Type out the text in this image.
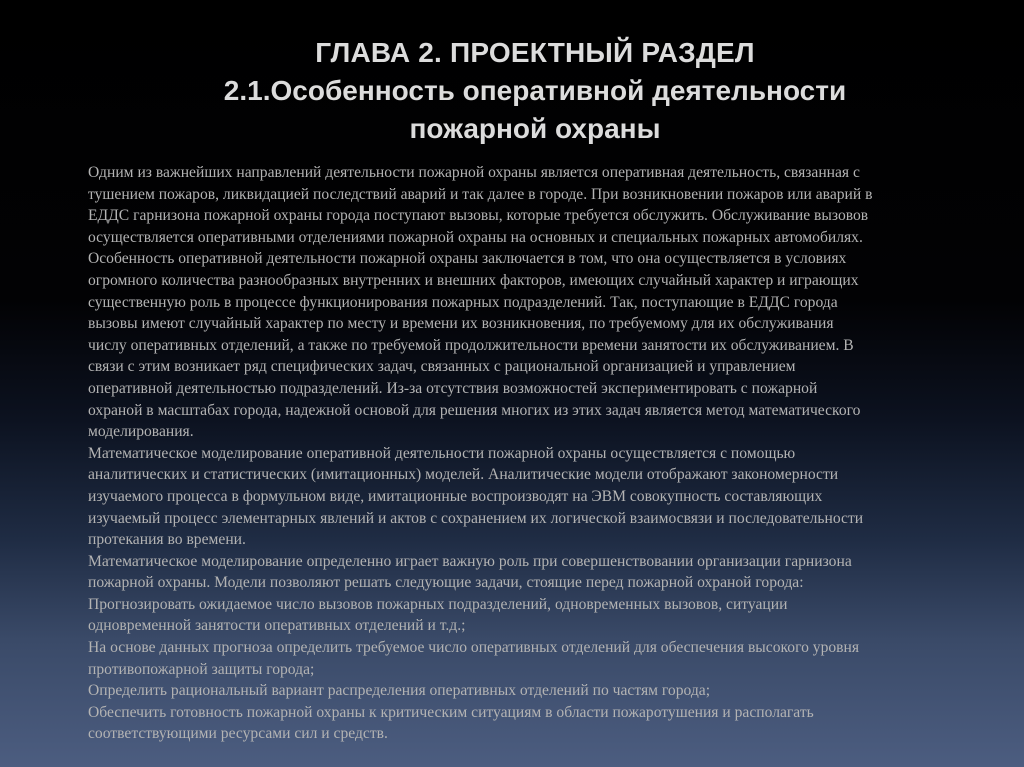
ГЛАВА 2. ПРОЕКТНЫЙ РАЗДЕЛ
2.1.Особенность оперативной деятельности
пожарной охраны
Одним из важнейших направлений деятельности пожарной охраны является оперативная деятельность, связанная с
тушением пожаров, ликвидацией последствий аварий и так далее в городе. При возникновении пожаров или аварий в
ЕДДС гарнизона пожарной охраны города поступают вызовы, которые требуется обслужить. Обслуживание вызовов
осуществляется оперативными отделениями пожарной охраны на основных и специальных пожарных автомобилях.
Особенность оперативной деятельности пожарной охраны заключается в том, что она осуществляется в условиях
огромного количества разнообразных внутренних и внешних факторов, имеющих случайный характер и играющих
существенную роль в процессе функционирования пожарных подразделений. Так, поступающие в ЕДДС города
вызовы имеют случайный характер по месту и времени их возникновения, по требуемому для их обслуживания
числу оперативных отделений, а также по требуемой продолжительности времени занятости их обслуживанием. В
связи с этим возникает ряд специфических задач, связанных с рациональной организацией и управлением
оперативной деятельностью подразделений. Из-за отсутствия возможностей экспериментировать с пожарной
охраной в масштабах города, надежной основой для решения многих из этих задач является метод математического
моделирования.
Математическое моделирование оперативной деятельности пожарной охраны осуществляется с помощью
аналитических и статистических (имитационных) моделей. Аналитические модели отображают закономерности
изучаемого процесса в формульном виде, имитационные воспроизводят на ЭВМ совокупность составляющих
изучаемый процесс элементарных явлений и актов с сохранением их логической взаимосвязи и последовательности
протекания во времени.
Математическое моделирование определенно играет важную роль при совершенствовании организации гарнизона
пожарной охраны. Модели позволяют решать следующие задачи, стоящие перед пожарной охраной города:
Прогнозировать ожидаемое число вызовов пожарных подразделений, одновременных вызовов, ситуации
одновременной занятости оперативных отделений и т.д.;
На основе данных прогноза определить требуемое число оперативных отделений для обеспечения высокого уровня
противопожарной защиты города;
Определить рациональный вариант распределения оперативных отделений по частям города;
Обеспечить готовность пожарной охраны к критическим ситуациям в области пожаротушения и располагать
соответствующими ресурсами сил и средств.
